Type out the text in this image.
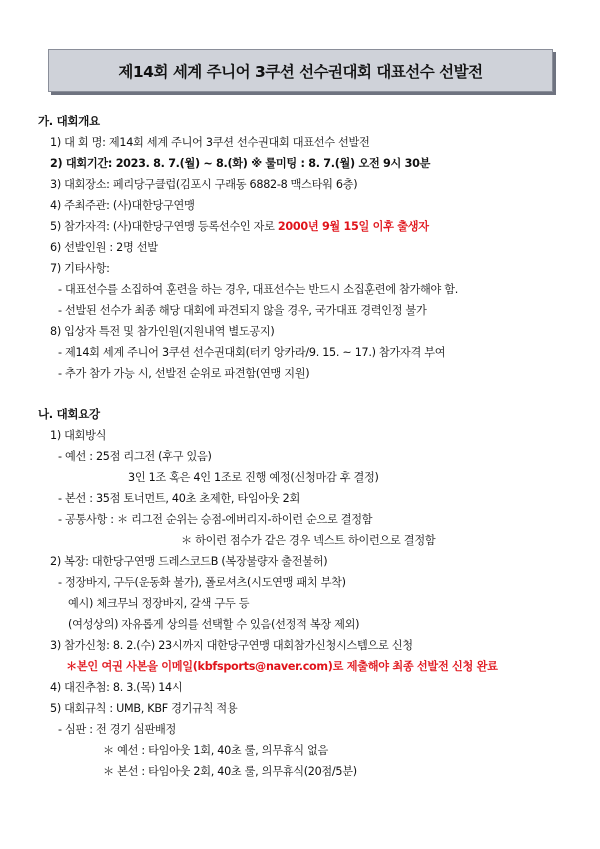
제14회 세계 주니어 3쿠션 선수권대회 대표선수 선발전
가. 대회개요
1) 대 회 명: 제14회 세계 주니어 3쿠션 선수권대회 대표선수 선발전
2) 대회기간: 2023. 8. 7.(월) ~ 8.(화) ※ 룰미팅 : 8. 7.(월) 오전 9시 30분
3) 대회장소: 페리당구클럽(김포시 구래동 6882-8 맥스타워 6층)
4) 주최주관: (사)대한당구연맹
5) 참가자격: (사)대한당구연맹 등록선수인 자로 2000년 9월 15일 이후 출생자
6) 선발인원 : 2명 선발
7) 기타사항:
- 대표선수를 소집하여 훈련을 하는 경우, 대표선수는 반드시 소집훈련에 참가해야 함.
- 선발된 선수가 최종 해당 대회에 파견되지 않을 경우, 국가대표 경력인정 불가
8) 입상자 특전 및 참가인원(지원내역 별도공지)
- 제14회 세계 주니어 3쿠션 선수권대회(터키 앙카라/9. 15. ~ 17.) 참가자격 부여
- 추가 참가 가능 시, 선발전 순위로 파견함(연맹 지원)
나. 대회요강
1) 대회방식
- 예선 : 25점 리그전 (후구 있음)
3인 1조 혹은 4인 1조로 진행 예정(신청마감 후 결정)
- 본선 : 35점 토너먼트, 40초 초제한, 타임아웃 2회
- 공통사항 : ＊ 리그전 순위는 승점-에버리지-하이런 순으로 결정함
＊ 하이런 점수가 같은 경우 넥스트 하이런으로 결정함
2) 복장: 대한당구연맹 드레스코드B (복장불량자 출전불허)
- 정장바지, 구두(운동화 불가), 폴로셔츠(시도연맹 패치 부착)
예시) 체크무늬 정장바지, 갈색 구두 등
(여성상의) 자유롭게 상의를 선택할 수 있음(선정적 복장 제외)
3) 참가신청: 8. 2.(수) 23시까지 대한당구연맹 대회참가신청시스템으로 신청
＊본인 여권 사본을 이메일(kbfsports@naver.com)로 제출해야 최종 선발전 신청 완료
4) 대진추첨: 8. 3.(목) 14시
5) 대회규칙 : UMB, KBF 경기규칙 적용
- 심판 : 전 경기 심판배정
＊ 예선 : 타임아웃 1회, 40초 룰, 의무휴식 없음
＊ 본선 : 타임아웃 2회, 40초 룰, 의무휴식(20점/5분)
